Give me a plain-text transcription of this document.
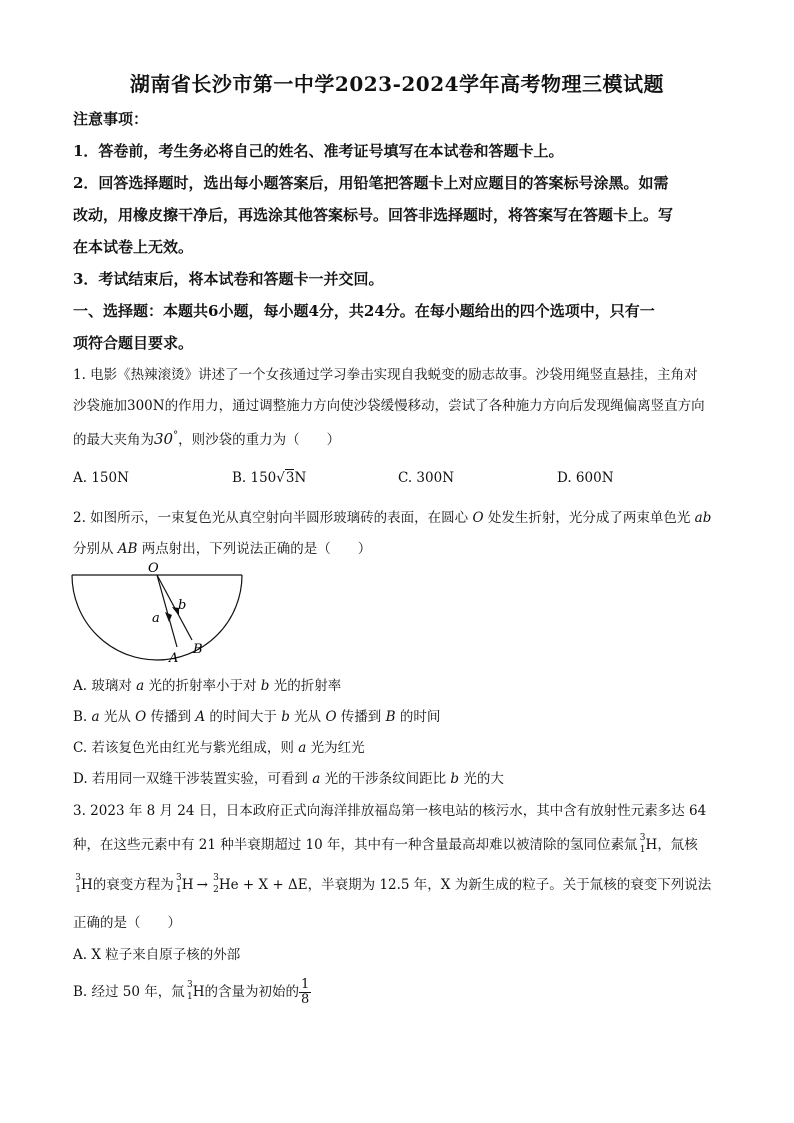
湖南省长沙市第一中学2023-2024学年高考物理三模试题
注意事项：
1．答卷前，考生务必将自己的姓名、准考证号填写在本试卷和答题卡上。
2．回答选择题时，选出每小题答案后，用铅笔把答题卡上对应题目的答案标号涂黑。如需
改动，用橡皮擦干净后，再选涂其他答案标号。回答非选择题时，将答案写在答题卡上。写
在本试卷上无效。
3．考试结束后，将本试卷和答题卡一并交回。
一、选择题：本题共6小题，每小题4分，共24分。在每小题给出的四个选项中，只有一
项符合题目要求。
1. 电影《热辣滚烫》讲述了一个女孩通过学习拳击实现自我蜕变的励志故事。沙袋用绳竖直悬挂，主角对
沙袋施加300N的作用力，通过调整施力方向使沙袋缓慢移动，尝试了各种施力方向后发现绳偏离竖直方向
的最大夹角为30°，则沙袋的重力为（　　）
A. 150N	B. 150√3N	C. 300N	D. 600N
2. 如图所示，一束复色光从真空射向半圆形玻璃砖的表面，在圆心 O 处发生折射，光分成了两束单色光 ab
分别从 AB 两点射出，下列说法正确的是（　　）
O
a
b
A
B
A. 玻璃对 a 光的折射率小于对 b 光的折射率
B. a 光从 O 传播到 A 的时间大于 b 光从 O 传播到 B 的时间
C. 若该复色光由红光与紫光组成，则 a 光为红光
D. 若用同一双缝干涉装置实验，可看到 a 光的干涉条纹间距比 b 光的大
3. 2023 年 8 月 24 日，日本政府正式向海洋排放福岛第一核电站的核污水，其中含有放射性元素多达 64
种，在这些元素中有 21 种半衰期超过 10 年，其中有一种含量最高却难以被清除的氢同位素氚 3
1 H，氚核
3
1 H的衰变方程为 3
1 H → 3
2 He + X + ΔE，半衰期为 12.5 年，X 为新生成的粒子。关于氚核的衰变下列说法
正确的是（　　）
A. X 粒子来自原子核的外部
B. 经过 50 年，氚 3
1 H的含量为初始的 $\frac{1}{8}$
